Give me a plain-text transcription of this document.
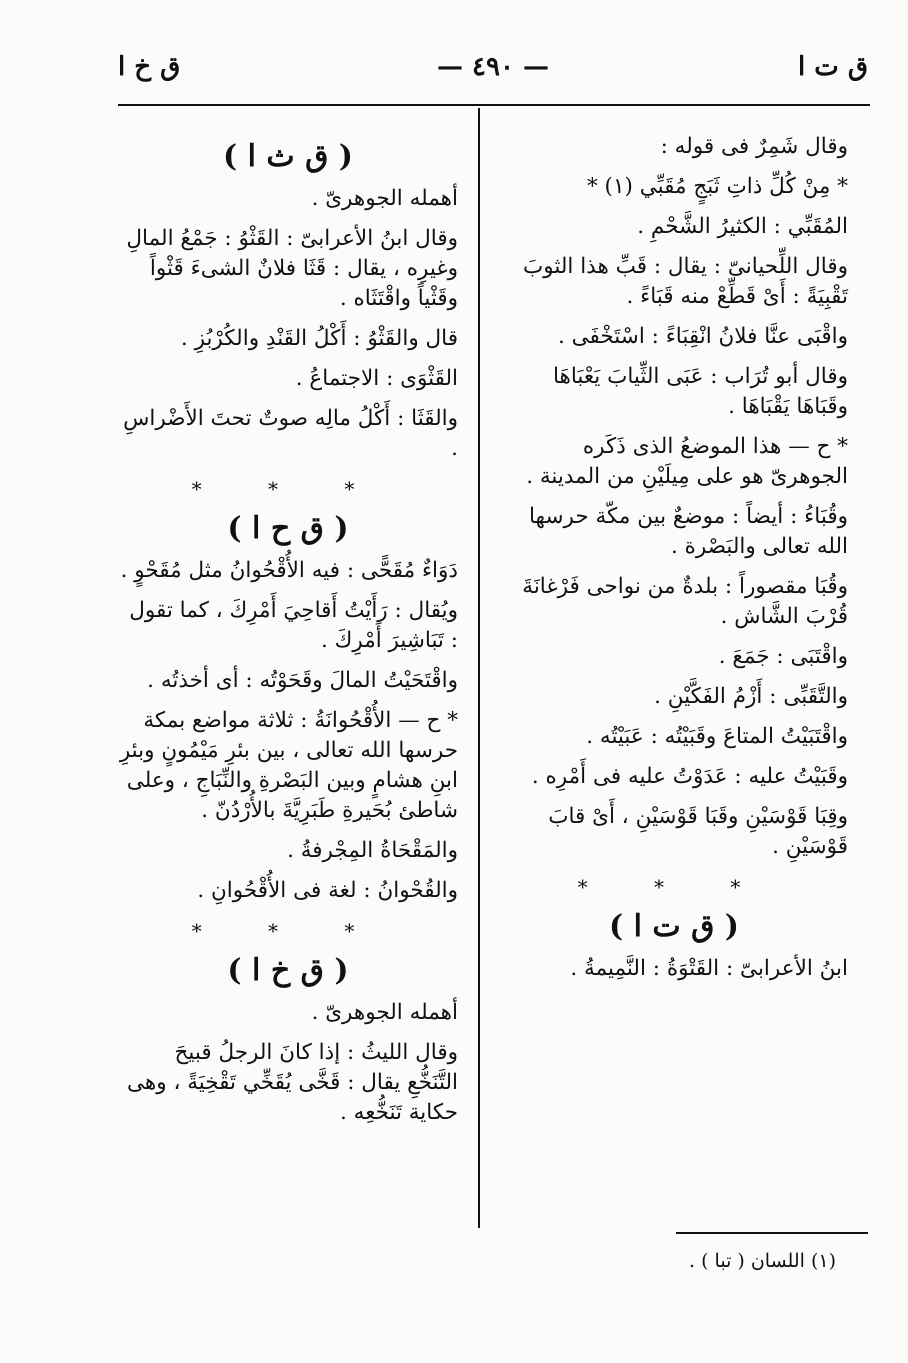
ق ت ا
— ٤٩٠ —
ق خ ا

وقال شَمِرٌ فى قوله :

* مِنْ كُلِّ ذاتِ ثَبَجٍ مُقَبِّي (١) *

المُقَبِّي : الكثيرُ الشَّحْمِ .

وقال اللِّحيانىّ : يقال : قَبِّ هذا الثوبَ تَقْبِيَةً : أَىْ قَطِّعْ منه قَبَاءً .

واقْبَى عنَّا فلانُ انْقِبَاءً : اسْتَخْفَى .

وقال أبو تُرَاب : عَبَى الثِّيابَ يَعْبَاهَا وقَبَاهَا يَقْبَاهَا .

* ح — هذا الموضعُ الذى ذَكَره الجوهرىّ هو على مِيلَيْنِ من المدينة .

وقُبَاءُ : أيضاً : موضعٌ بين مكّة حرسها الله تعالى والبَصْرة .

وقُبَا مقصوراً : بلدةٌ من نواحى فَرْغانَةَ قُرْبَ الشَّاش .

واقْتَبَى : جَمَعَ .

والتَّقَبِّى : أَزْمُ الفَكَّيْنِ .

واقْتَبَيْتُ المتاعَ وقَبَيْتُه : عَبَيْتُه .

وقَبَيْتُ عليه : عَدَوْتُ عليه فى أَمْرِه .

وقِبَا قَوْسَيْنِ وقَبَا قَوْسَيْنِ ، أَىْ قابَ قَوْسَيْنِ .

* * *
( ق ت ا )

ابنُ الأعرابىّ : القَتْوَةُ : النَّمِيمةُ .

( ق ث ا )

أهمله الجوهرىّ .

وقال ابنُ الأعرابىّ : القَثْوُ : جَمْعُ المالِ وغيرِه ، يقال : قَثَا فلانٌ الشىءَ قَثْواً وقَثْياً واقْتَثَاه .

قال والقَثْوُ : أَكْلُ القَنْدِ والكُرْبُزِ .

القَثْوَى : الاجتماعُ .

والقَثَا : أَكْلُ مالِه صوتٌ تحتَ الأَضْراسِ .

* * *
( ق ح ا )

دَوَاءٌ مُقَحًّى : فيه الأُقْحُوانُ مثل مُقَحْوٍ .

ويُقال : رَأَيْتُ أَقاحِيَ أَمْرِكَ ، كما تقول : تَبَاشِيرَ أَمْرِكَ .

واقْتَحَيْتُ المالَ وقَحَوْتُه : أى أخذتُه .

* ح — الأُقْحُوانَةُ : ثلاثة مواضع بمكة حرسها الله تعالى ، بين بئرِ مَيْمُونٍ وبئرِ ابنِ هشامٍ وبين البَصْرةِ والنِّبَاجِ ، وعلى شاطئ بُحَيرةِ طَبَرِيَّةَ بالأُرْدُنّ .

والمَقْحَاةُ المِجْرفةُ .

والقُحْوانُ : لغة فى الأُقْحُوانِ .

* * *
( ق خ ا )

أهمله الجوهرىّ .

وقال الليثُ : إذا كانَ الرجلُ قبيحَ التَّنَخُّعِ يقال : قَخَّى يُقَخِّي تَقْخِيَةً ، وهى حكاية تَنَخُّعِه .

(١) اللسان ( تبا ) .
